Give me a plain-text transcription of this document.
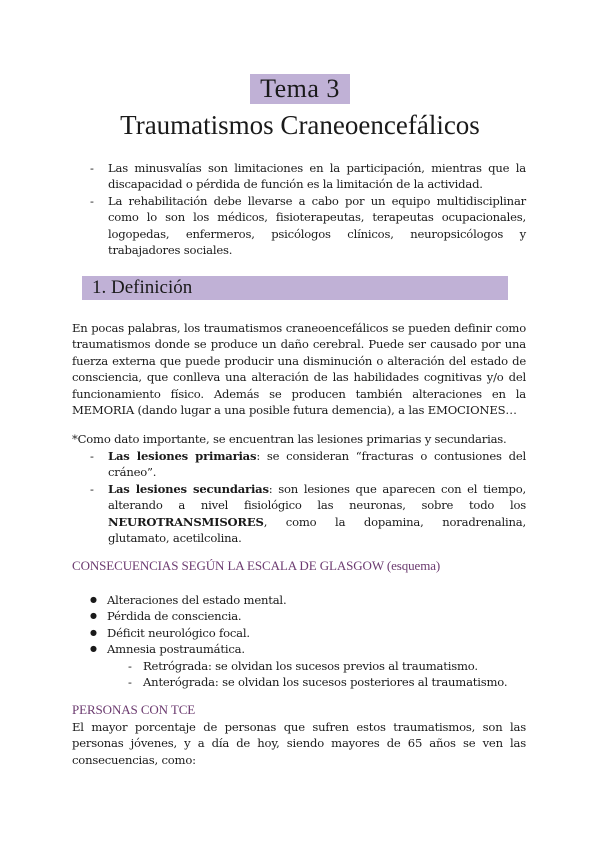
Tema 3
Traumatismos Craneoencefálicos
- Las minusvalías son limitaciones en la participación, mientras que la discapacidad o pérdida de función es la limitación de la actividad.
- La rehabilitación debe llevarse a cabo por un equipo multidisciplinar como lo son los médicos, fisioterapeutas, terapeutas ocupacionales, logopedas, enfermeros, psicólogos clínicos, neuropsicólogos y trabajadores sociales.
1. Definición

En pocas palabras, los traumatismos craneoencefálicos se pueden definir como traumatismos donde se produce un daño cerebral. Puede ser causado por una fuerza externa que puede producir una disminución o alteración del estado de consciencia, que conlleva una alteración de las habilidades cognitivas y/o del funcionamiento físico. Además se producen también alteraciones en la MEMORIA (dando lugar a una posible futura demencia), a las EMOCIONES…

*Como dato importante, se encuentran las lesiones primarias y secundarias.

- Las lesiones primarias: se consideran “fracturas o contusiones del cráneo”.
- Las lesiones secundarias: son lesiones que aparecen con el tiempo, alterando a nivel fisiológico las neuronas, sobre todo los NEUROTRANSMISORES, como la dopamina, noradrenalina, glutamato, acetilcolina.
CONSECUENCIAS SEGÚN LA ESCALA DE GLASGOW (esquema)
● Alteraciones del estado mental.
● Pérdida de consciencia.
● Déficit neurológico focal.
● Amnesia postraumática.
- Retrógrada: se olvidan los sucesos previos al traumatismo.
- Anterógrada: se olvidan los sucesos posteriores al traumatismo.
PERSONAS CON TCE

El mayor porcentaje de personas que sufren estos traumatismos, son las personas jóvenes, y a día de hoy, siendo mayores de 65 años se ven las consecuencias, como:
